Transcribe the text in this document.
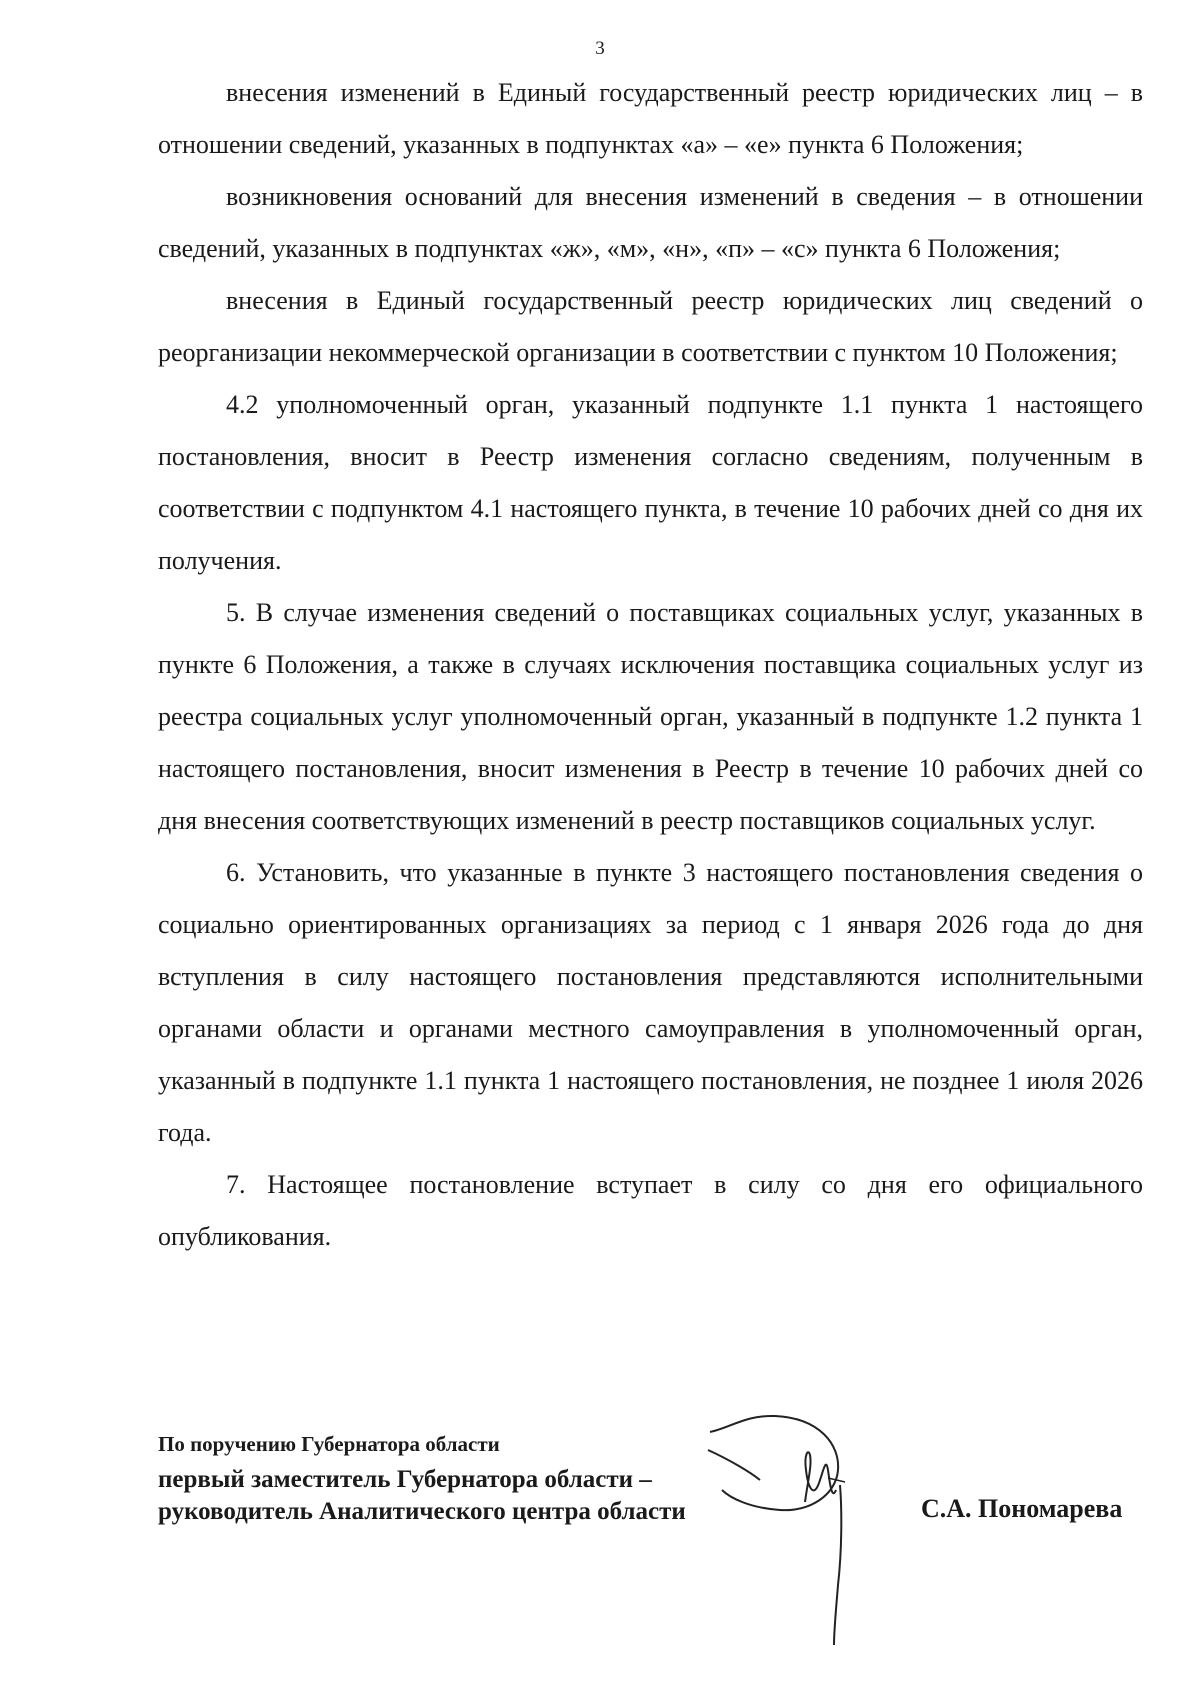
3

внесения изменений в Единый государственный реестр юридических лиц – в отношении сведений, указанных в подпунктах «а» – «е» пункта 6 Положения;

возникновения оснований для внесения изменений в сведения – в отношении сведений, указанных в подпунктах «ж», «м», «н», «п» – «с» пункта 6 Положения;

внесения в Единый государственный реестр юридических лиц сведений о реорганизации некоммерческой организации в соответствии с пунктом 10 Положения;

4.2 уполномоченный орган, указанный подпункте 1.1 пункта 1 настоящего постановления, вносит в Реестр изменения согласно сведениям, полученным в соответствии с подпунктом 4.1 настоящего пункта, в течение 10 рабочих дней со дня их получения.

5. В случае изменения сведений о поставщиках социальных услуг, указанных в пункте 6 Положения, а также в случаях исключения поставщика социальных услуг из реестра социальных услуг уполномоченный орган, указанный в подпункте 1.2 пункта 1 настоящего постановления, вносит изменения в Реестр в течение 10 рабочих дней со дня внесения соответствующих изменений в реестр поставщиков социальных услуг.

6. Установить, что указанные в пункте 3 настоящего постановления сведения о социально ориентированных организациях за период с 1 января 2026 года до дня вступления в силу настоящего постановления представляются исполнительными органами области и органами местного самоуправления в уполномоченный орган, указанный в подпункте 1.1 пункта 1 настоящего постановления, не позднее 1 июля 2026 года.

7. Настоящее постановление вступает в силу со дня его официального опубликования.

По поручению Губернатора области
первый заместитель Губернатора области –
руководитель Аналитического центра области	С.А. Пономарева
